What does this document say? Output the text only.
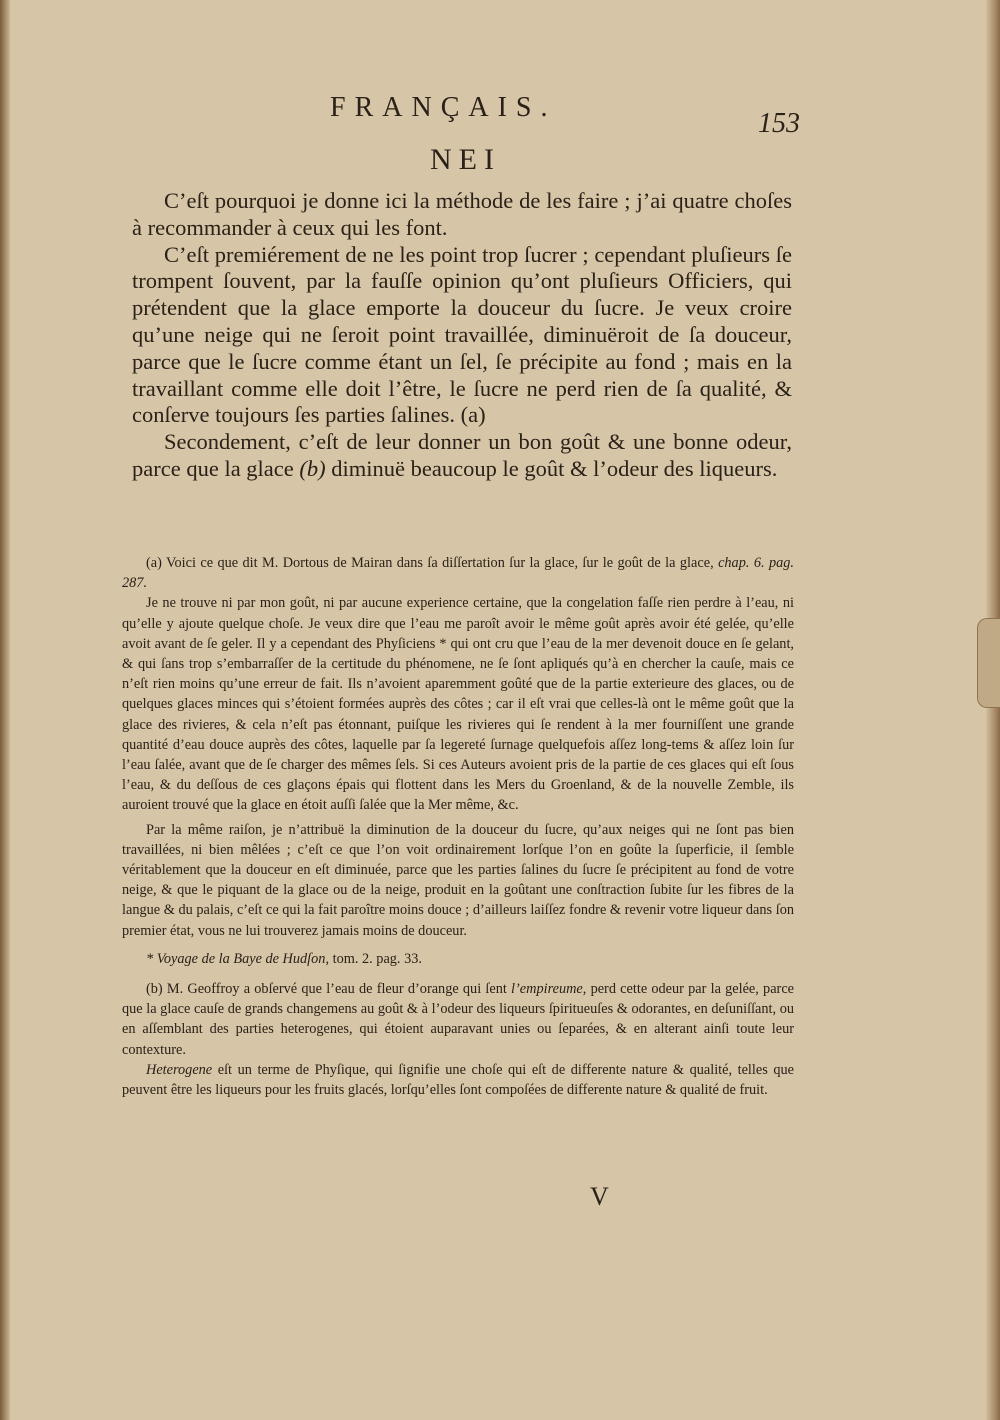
FRANÇAIS.
153
NEI

C’eſt pourquoi je donne ici la méthode de les faire ; j’ai quatre choſes à recommander à ceux qui les font.

C’eſt premiérement de ne les point trop ſucrer ; cependant pluſieurs ſe trompent ſouvent, par la fauſſe opinion qu’ont pluſieurs Officiers, qui prétendent que la glace emporte la douceur du ſucre. Je veux croire qu’une neige qui ne ſeroit point travaillée, diminuëroit de ſa douceur, parce que le ſucre comme étant un ſel, ſe précipite au fond ; mais en la travaillant comme elle doit l’être, le ſucre ne perd rien de ſa qualité, & conſerve toujours ſes parties ſalines. (a)

Secondement, c’eſt de leur donner un bon goût & une bonne odeur, parce que la glace (b) diminuë beaucoup le goût & l’odeur des liqueurs.

(a) Voici ce que dit M. Dortous de Mairan dans ſa diſſertation ſur la glace, ſur le goût de la glace, chap. 6. pag. 287.

Je ne trouve ni par mon goût, ni par aucune experience certaine, que la congelation faſſe rien perdre à l’eau, ni qu’elle y ajoute quelque choſe. Je veux dire que l’eau me paroît avoir le même goût après avoir été gelée, qu’elle avoit avant de ſe geler. Il y a cependant des Phyſiciens * qui ont cru que l’eau de la mer devenoit douce en ſe gelant, & qui ſans trop s’embarraſſer de la certitude du phénomene, ne ſe ſont apliqués qu’à en chercher la cauſe, mais ce n’eſt rien moins qu’une erreur de fait. Ils n’avoient aparemment goûté que de la partie exterieure des glaces, ou de quelques glaces minces qui s’étoient formées auprès des côtes ; car il eſt vrai que celles-là ont le même goût que la glace des rivieres, & cela n’eſt pas étonnant, puiſque les rivieres qui ſe rendent à la mer fourniſſent une grande quantité d’eau douce auprès des côtes, laquelle par ſa legereté ſurnage quelquefois aſſez long-tems & aſſez loin ſur l’eau ſalée, avant que de ſe charger des mêmes ſels. Si ces Auteurs avoient pris de la partie de ces glaces qui eſt ſous l’eau, & du deſſous de ces glaçons épais qui flottent dans les Mers du Groenland, & de la nouvelle Zemble, ils auroient trouvé que la glace en étoit auſſi ſalée que la Mer même, &c.

Par la même raiſon, je n’attribuë la diminution de la douceur du ſucre, qu’aux neiges qui ne ſont pas bien travaillées, ni bien mêlées ; c’eſt ce que l’on voit ordinairement lorſque l’on en goûte la ſuperficie, il ſemble véritablement que la douceur en eſt diminuée, parce que les parties ſalines du ſucre ſe précipitent au fond de votre neige, & que le piquant de la glace ou de la neige, produit en la goûtant une conſtraction ſubite ſur les fibres de la langue & du palais, c’eſt ce qui la fait paroître moins douce ; d’ailleurs laiſſez fondre & revenir votre liqueur dans ſon premier état, vous ne lui trouverez jamais moins de douceur.

* Voyage de la Baye de Hudſon, tom. 2. pag. 33.

(b) M. Geoffroy a obſervé que l’eau de fleur d’orange qui ſent l’empireume, perd cette odeur par la gelée, parce que la glace cauſe de grands changemens au goût & à l’odeur des liqueurs ſpiritueuſes & odorantes, en deſuniſſant, ou en aſſemblant des parties heterogenes, qui étoient auparavant unies ou ſeparées, & en alterant ainſi toute leur contexture.

Heterogene eſt un terme de Phyſique, qui ſignifie une choſe qui eſt de differente nature & qualité, telles que peuvent être les liqueurs pour les fruits glacés, lorſqu’elles ſont compoſées de differente nature & qualité de fruit.

V
